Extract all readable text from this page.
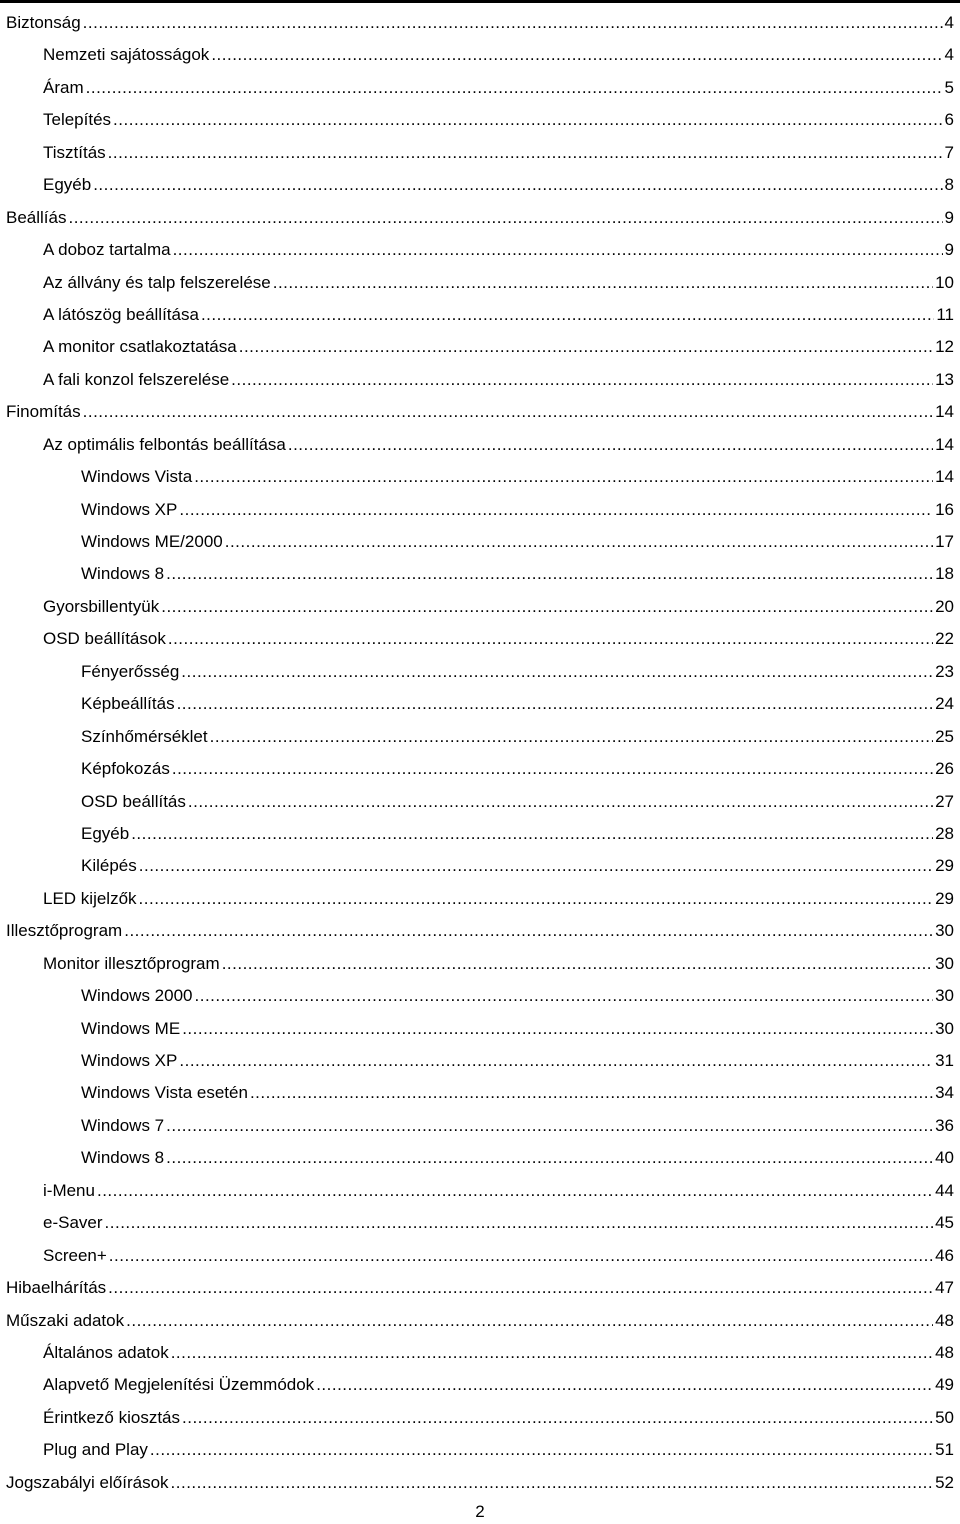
Biztonság .....	4
Nemzeti sajátosságok .....	4
Áram .....	5
Telepítés .....	6
Tisztítás .....	7
Egyéb .....	8
Beállíás .....	9
A doboz tartalma .....	9
Az állvány és talp felszerelése .....	10
A látószög beállítása .....	11
A monitor csatlakoztatása .....	12
A fali konzol felszerelése .....	13
Finomítás .....	14
Az optimális felbontás beállítása .....	14
Windows Vista .....	14
Windows XP .....	16
Windows ME/2000 .....	17
Windows 8 .....	18
Gyorsbillentyük .....	20
OSD beállítások .....	22
Fényerősség .....	23
Képbeállítás .....	24
Színhőmérséklet .....	25
Képfokozás .....	26
OSD beállítás .....	27
Egyéb .....	28
Kilépés .....	29
LED kijelzők .....	29
Illesztőprogram .....	30
Monitor illesztőprogram .....	30
Windows 2000 .....	30
Windows ME .....	30
Windows XP .....	31
Windows Vista esetén .....	34
Windows 7 .....	36
Windows 8 .....	40
i-Menu .....	44
e-Saver .....	45
Screen+ .....	46
Hibaelhárítás .....	47
Műszaki adatok .....	48
Általános adatok .....	48
Alapvető Megjelenítési Üzemmódok .....	49
Érintkező kiosztás .....	50
Plug and Play .....	51
Jogszabályi előírások .....	52
2
